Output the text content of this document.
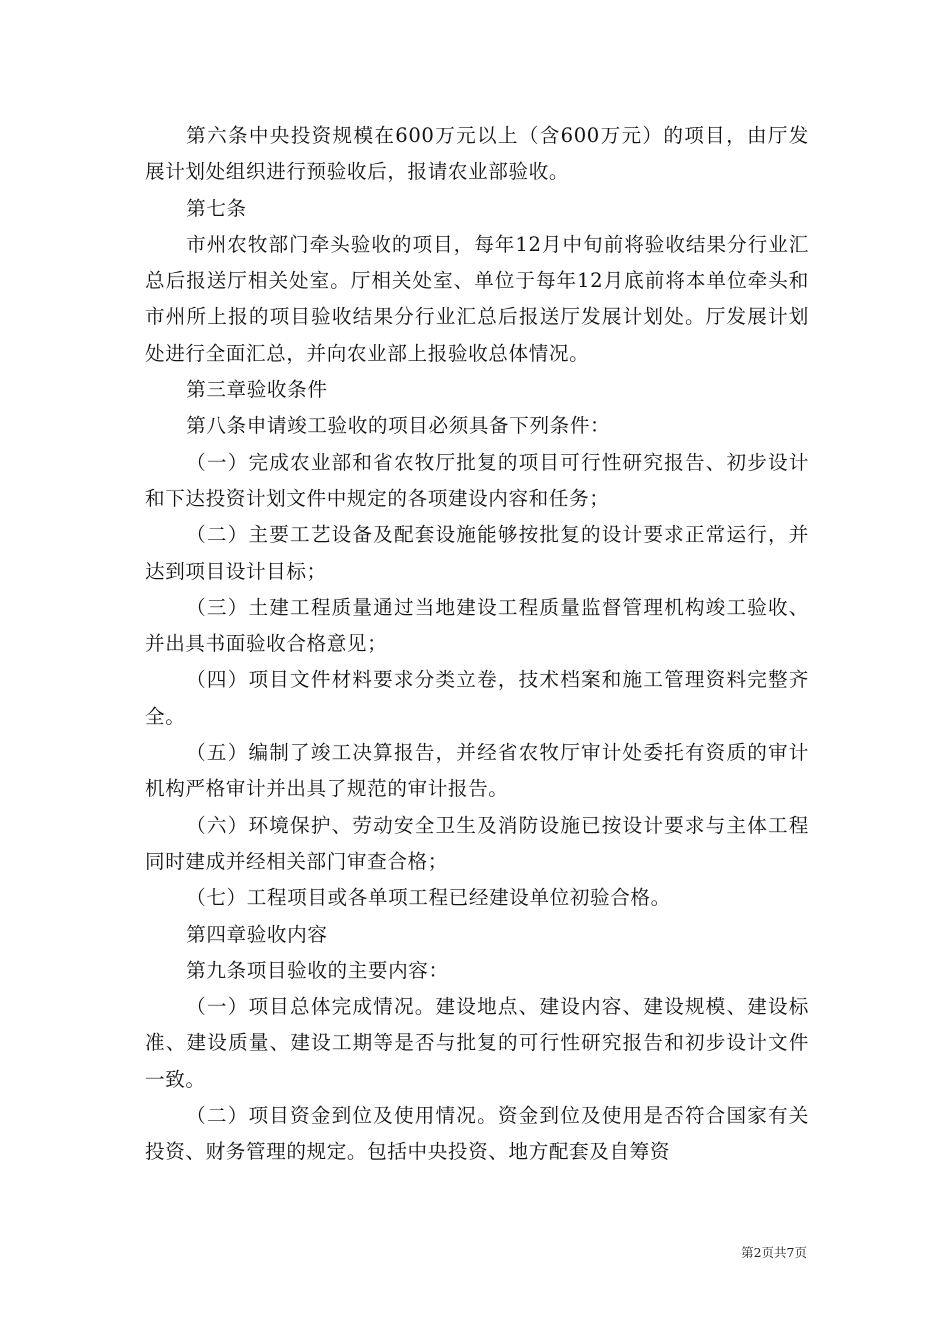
第六条中央投资规模在600万元以上（含600万元）的项目，由厅发展计划处组织进行预验收后，报请农业部验收。

第七条

市州农牧部门牵头验收的项目，每年12月中旬前将验收结果分行业汇总后报送厅相关处室。厅相关处室、单位于每年12月底前将本单位牵头和市州所上报的项目验收结果分行业汇总后报送厅发展计划处。厅发展计划处进行全面汇总，并向农业部上报验收总体情况。

第三章验收条件

第八条申请竣工验收的项目必须具备下列条件：

（一）完成农业部和省农牧厅批复的项目可行性研究报告、初步设计和下达投资计划文件中规定的各项建设内容和任务；

（二）主要工艺设备及配套设施能够按批复的设计要求正常运行，并达到项目设计目标；

（三）土建工程质量通过当地建设工程质量监督管理机构竣工验收、并出具书面验收合格意见；

（四）项目文件材料要求分类立卷，技术档案和施工管理资料完整齐全。

（五）编制了竣工决算报告，并经省农牧厅审计处委托有资质的审计机构严格审计并出具了规范的审计报告。

（六）环境保护、劳动安全卫生及消防设施已按设计要求与主体工程同时建成并经相关部门审查合格；

（七）工程项目或各单项工程已经建设单位初验合格。

第四章验收内容

第九条项目验收的主要内容：

（一）项目总体完成情况。建设地点、建设内容、建设规模、建设标准、建设质量、建设工期等是否与批复的可行性研究报告和初步设计文件一致。

（二）项目资金到位及使用情况。资金到位及使用是否符合国家有关投资、财务管理的规定。包括中央投资、地方配套及自筹资

第2页共7页
